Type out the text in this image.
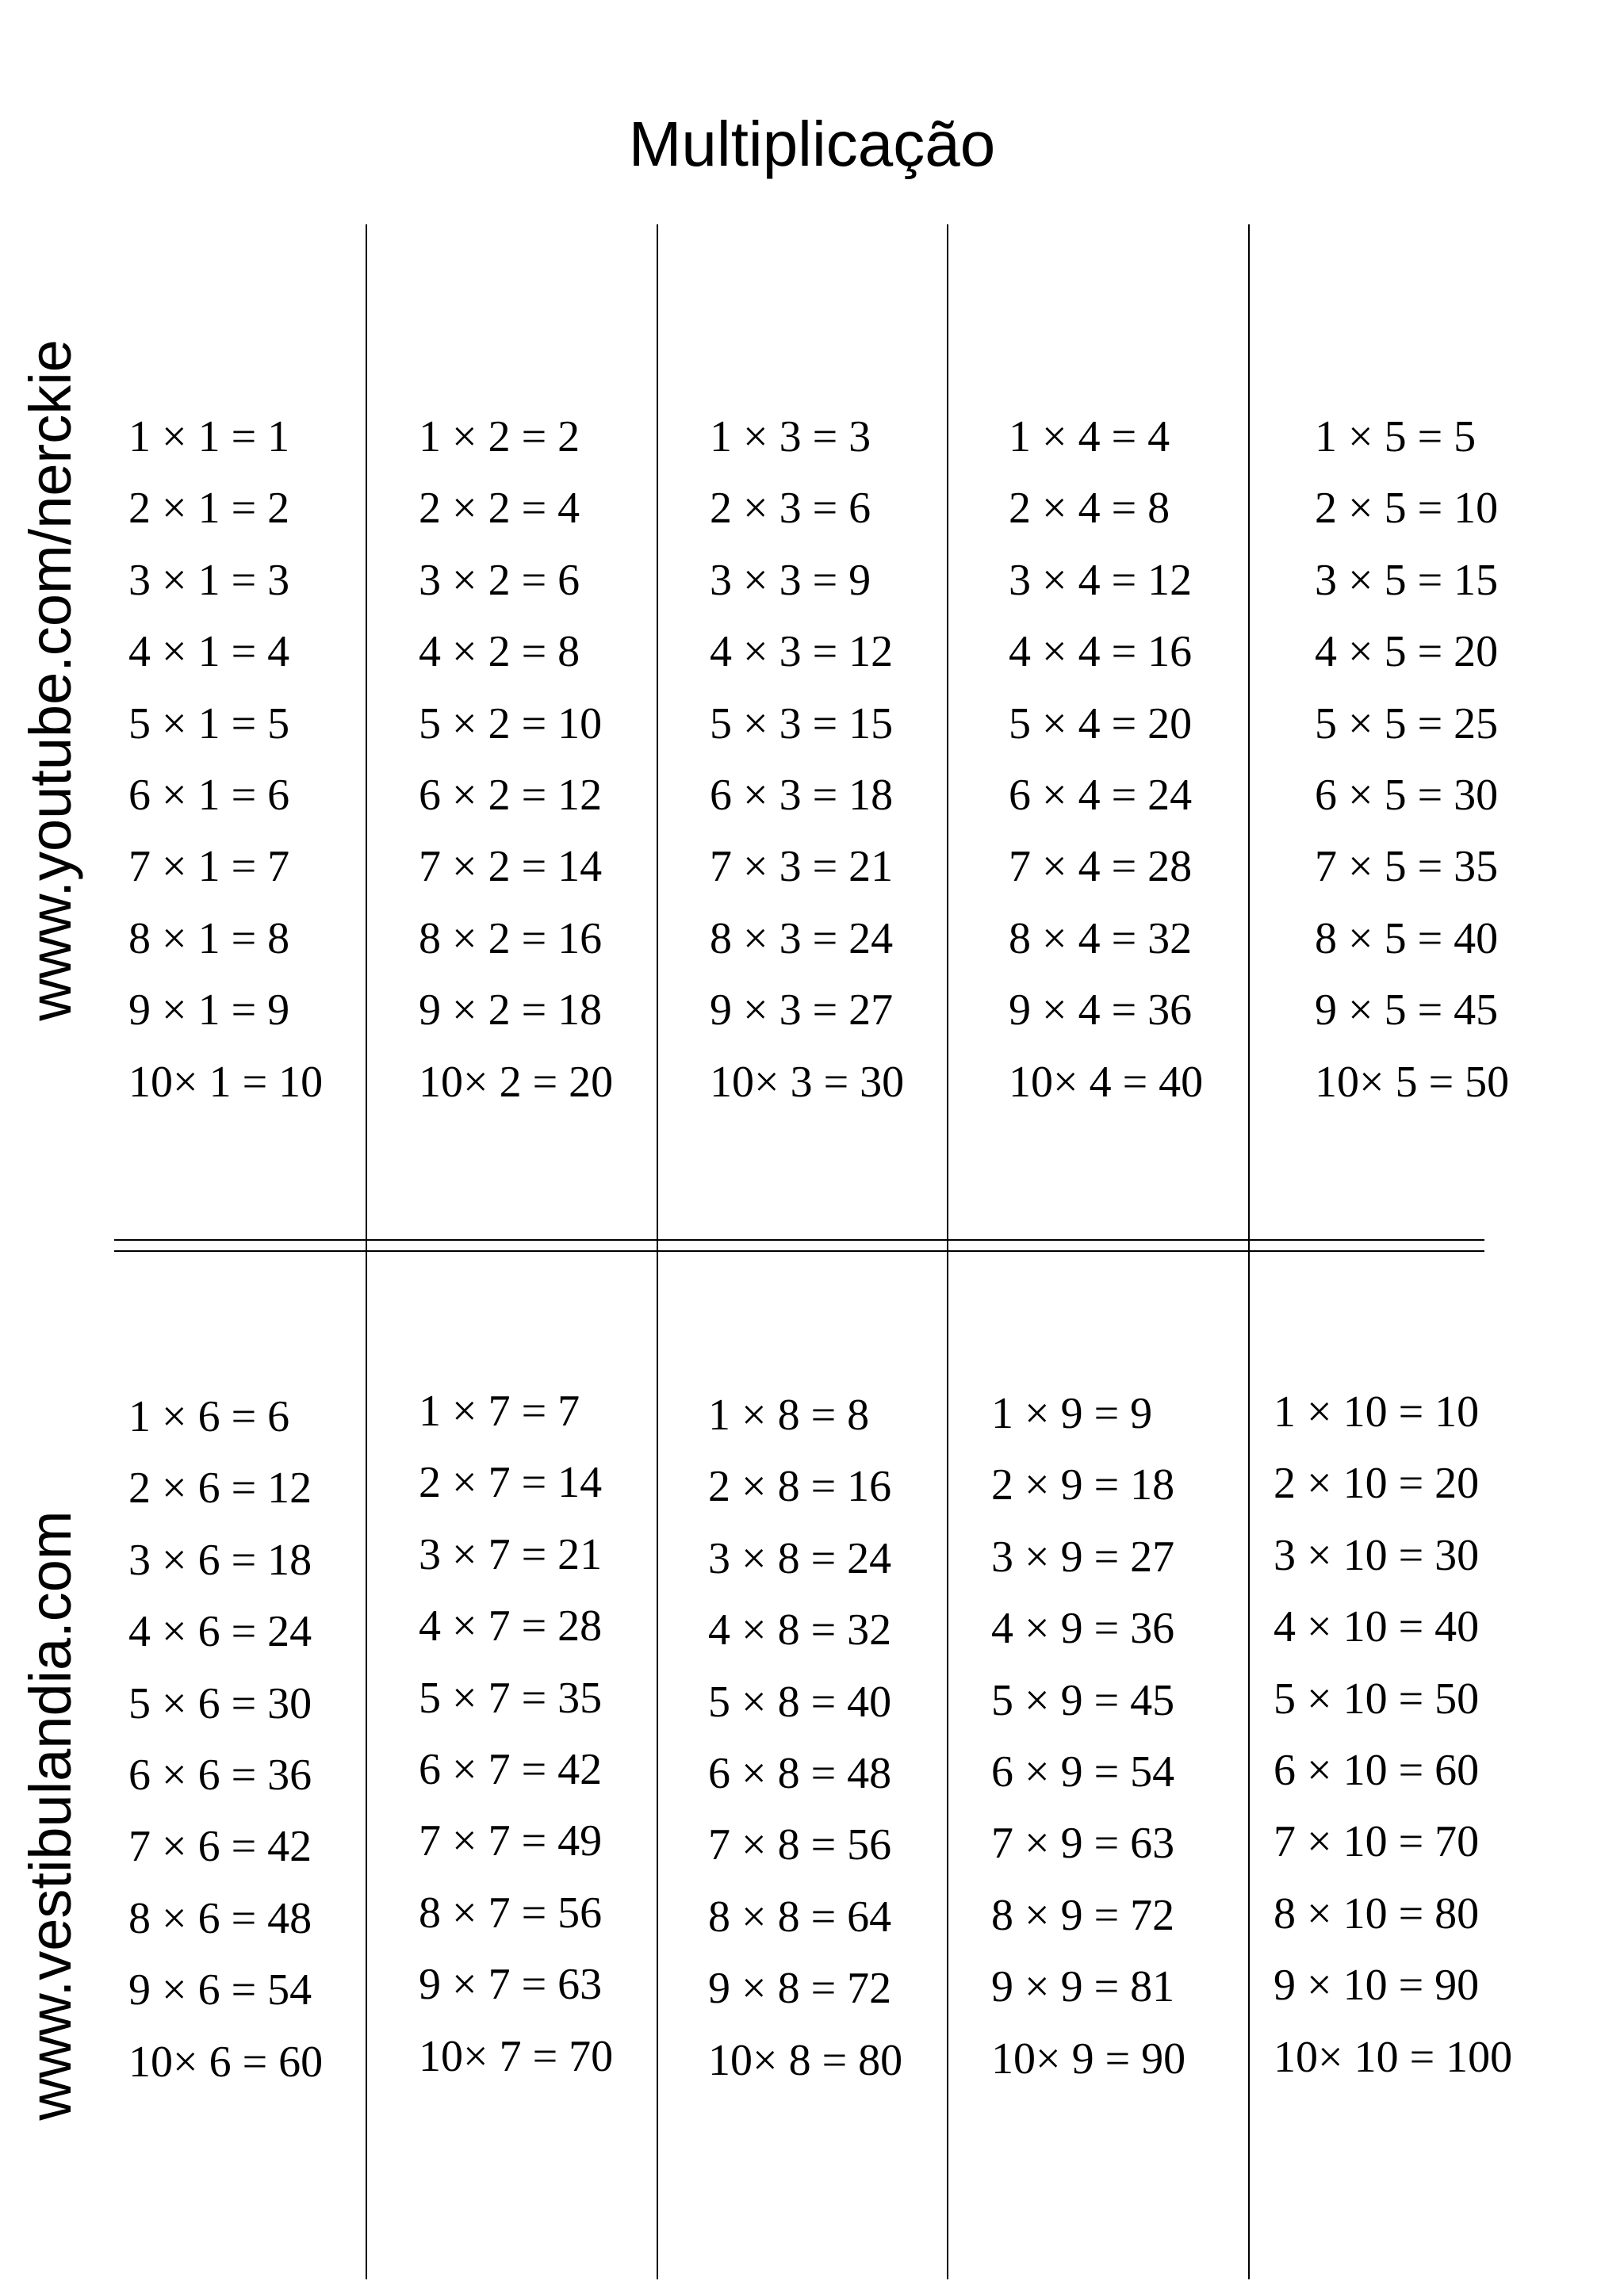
Multiplicação
www.youtube.com/nerckie
www.vestibulandia.com
1 × 1 = 1
2 × 1 = 2
3 × 1 = 3
4 × 1 = 4
5 × 1 = 5
6 × 1 = 6
7 × 1 = 7
8 × 1 = 8
9 × 1 = 9
10× 1 = 10
1 × 2 = 2
2 × 2 = 4
3 × 2 = 6
4 × 2 = 8
5 × 2 = 10
6 × 2 = 12
7 × 2 = 14
8 × 2 = 16
9 × 2 = 18
10× 2 = 20
1 × 3 = 3
2 × 3 = 6
3 × 3 = 9
4 × 3 = 12
5 × 3 = 15
6 × 3 = 18
7 × 3 = 21
8 × 3 = 24
9 × 3 = 27
10× 3 = 30
1 × 4 = 4
2 × 4 = 8
3 × 4 = 12
4 × 4 = 16
5 × 4 = 20
6 × 4 = 24
7 × 4 = 28
8 × 4 = 32
9 × 4 = 36
10× 4 = 40
1 × 5 = 5
2 × 5 = 10
3 × 5 = 15
4 × 5 = 20
5 × 5 = 25
6 × 5 = 30
7 × 5 = 35
8 × 5 = 40
9 × 5 = 45
10× 5 = 50
1 × 6 = 6
2 × 6 = 12
3 × 6 = 18
4 × 6 = 24
5 × 6 = 30
6 × 6 = 36
7 × 6 = 42
8 × 6 = 48
9 × 6 = 54
10× 6 = 60
1 × 7 = 7
2 × 7 = 14
3 × 7 = 21
4 × 7 = 28
5 × 7 = 35
6 × 7 = 42
7 × 7 = 49
8 × 7 = 56
9 × 7 = 63
10× 7 = 70
1 × 8 = 8
2 × 8 = 16
3 × 8 = 24
4 × 8 = 32
5 × 8 = 40
6 × 8 = 48
7 × 8 = 56
8 × 8 = 64
9 × 8 = 72
10× 8 = 80
1 × 9 = 9
2 × 9 = 18
3 × 9 = 27
4 × 9 = 36
5 × 9 = 45
6 × 9 = 54
7 × 9 = 63
8 × 9 = 72
9 × 9 = 81
10× 9 = 90
1 × 10 = 10
2 × 10 = 20
3 × 10 = 30
4 × 10 = 40
5 × 10 = 50
6 × 10 = 60
7 × 10 = 70
8 × 10 = 80
9 × 10 = 90
10× 10 = 100
